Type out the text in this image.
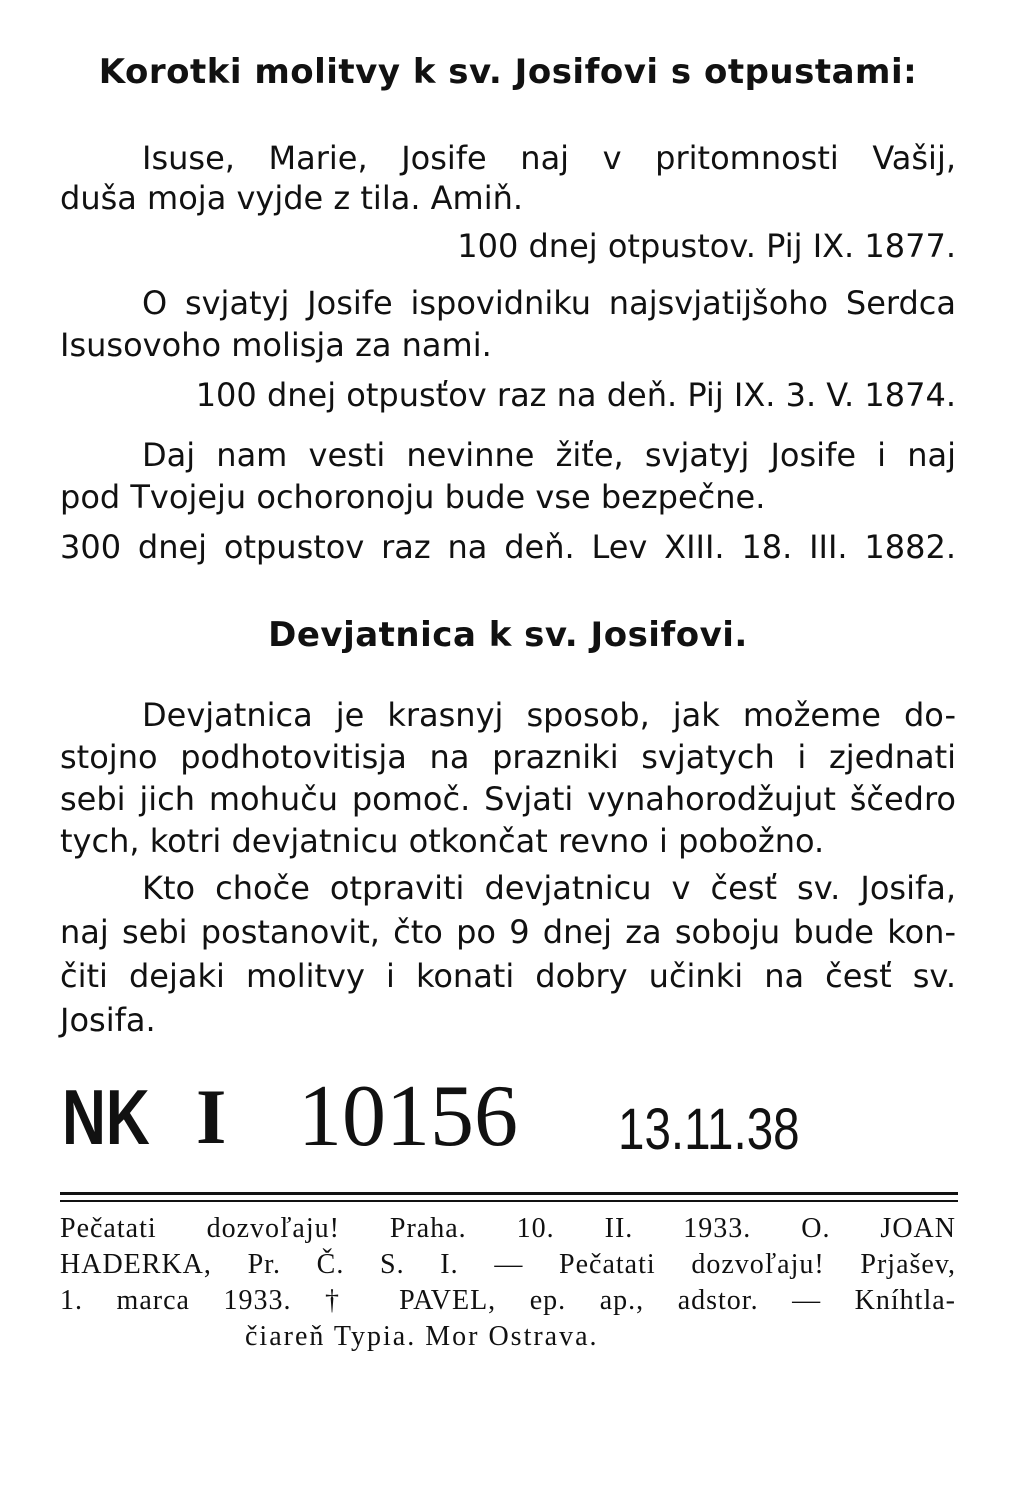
Korotki molitvy k sv. Josifovi s otpustami:
Isuse, Marie, Josife naj v pritomnosti Vašij,
duša moja vyjde z tila. Amiň.
100 dnej otpustov. Pij IX. 1877.
O svjatyj Josife ispovidniku najsvjatijšoho Serdca
Isusovoho molisja za nami.
100 dnej otpusťov raz na deň. Pij IX. 3. V. 1874.
Daj nam vesti nevinne žiťe, svjatyj Josife i naj
pod Tvojeju ochoronoju bude vse bezpečne.
300 dnej otpustov raz na deň. Lev XIII. 18. III. 1882.
Devjatnica k sv. Josifovi.
Devjatnica je krasnyj sposob, jak možeme do-
stojno podhotovitisja na prazniki svjatych i zjednati
sebi jich mohuču pomoč. Svjati vynahorodžujut ščedro
tych, kotri devjatnicu otkončat revno i pobožno.
Kto choče otpraviti devjatnicu v česť sv. Josifa,
naj sebi postanovit, čto po 9 dnej za soboju bude kon-
čiti dejaki molitvy i konati dobry učinki na česť sv.
Josifa.
NK I 10156 13.11.38
Pečatati dozvoľaju! Praha. 10. II. 1933. O. JOAN
HADERKA, Pr. Č. S. I. — Pečatati dozvoľaju! Prjašev,
1. marca 1933. † PAVEL, ep. ap., adstor. — Kníhtla-
čiareň Typia. Mor Ostrava.
